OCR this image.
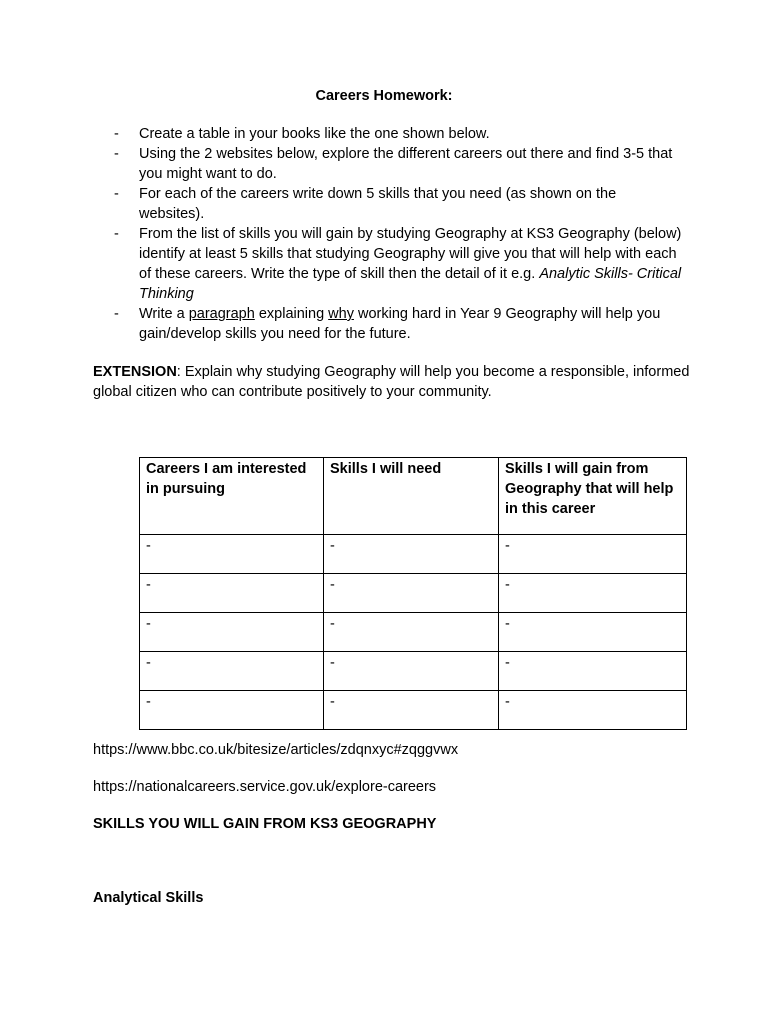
Careers Homework:
- Create a table in your books like the one shown below.
- Using the 2 websites below, explore the different careers out there and find 3-5 that you might want to do.
- For each of the careers write down 5 skills that you need (as shown on the websites).
- From the list of skills you will gain by studying Geography at KS3 Geography (below) identify at least 5 skills that studying Geography will give you that will help with each of these careers. Write the type of skill then the detail of it e.g. Analytic Skills- Critical Thinking
- Write a paragraph explaining why working hard in Year 9 Geography will help you gain/develop skills you need for the future.

EXTENSION: Explain why studying Geography will help you become a responsible, informed global citizen who can contribute positively to your community.

Careers I am interested in pursuing	Skills I will need	Skills I will gain from Geography that will help in this career
-	-	-
-	-	-
-	-	-
-	-	-
-	-	-
https://www.bbc.co.uk/bitesize/articles/zdqnxyc#zqggvwx
https://nationalcareers.service.gov.uk/explore-careers
SKILLS YOU WILL GAIN FROM KS3 GEOGRAPHY
Analytical Skills
